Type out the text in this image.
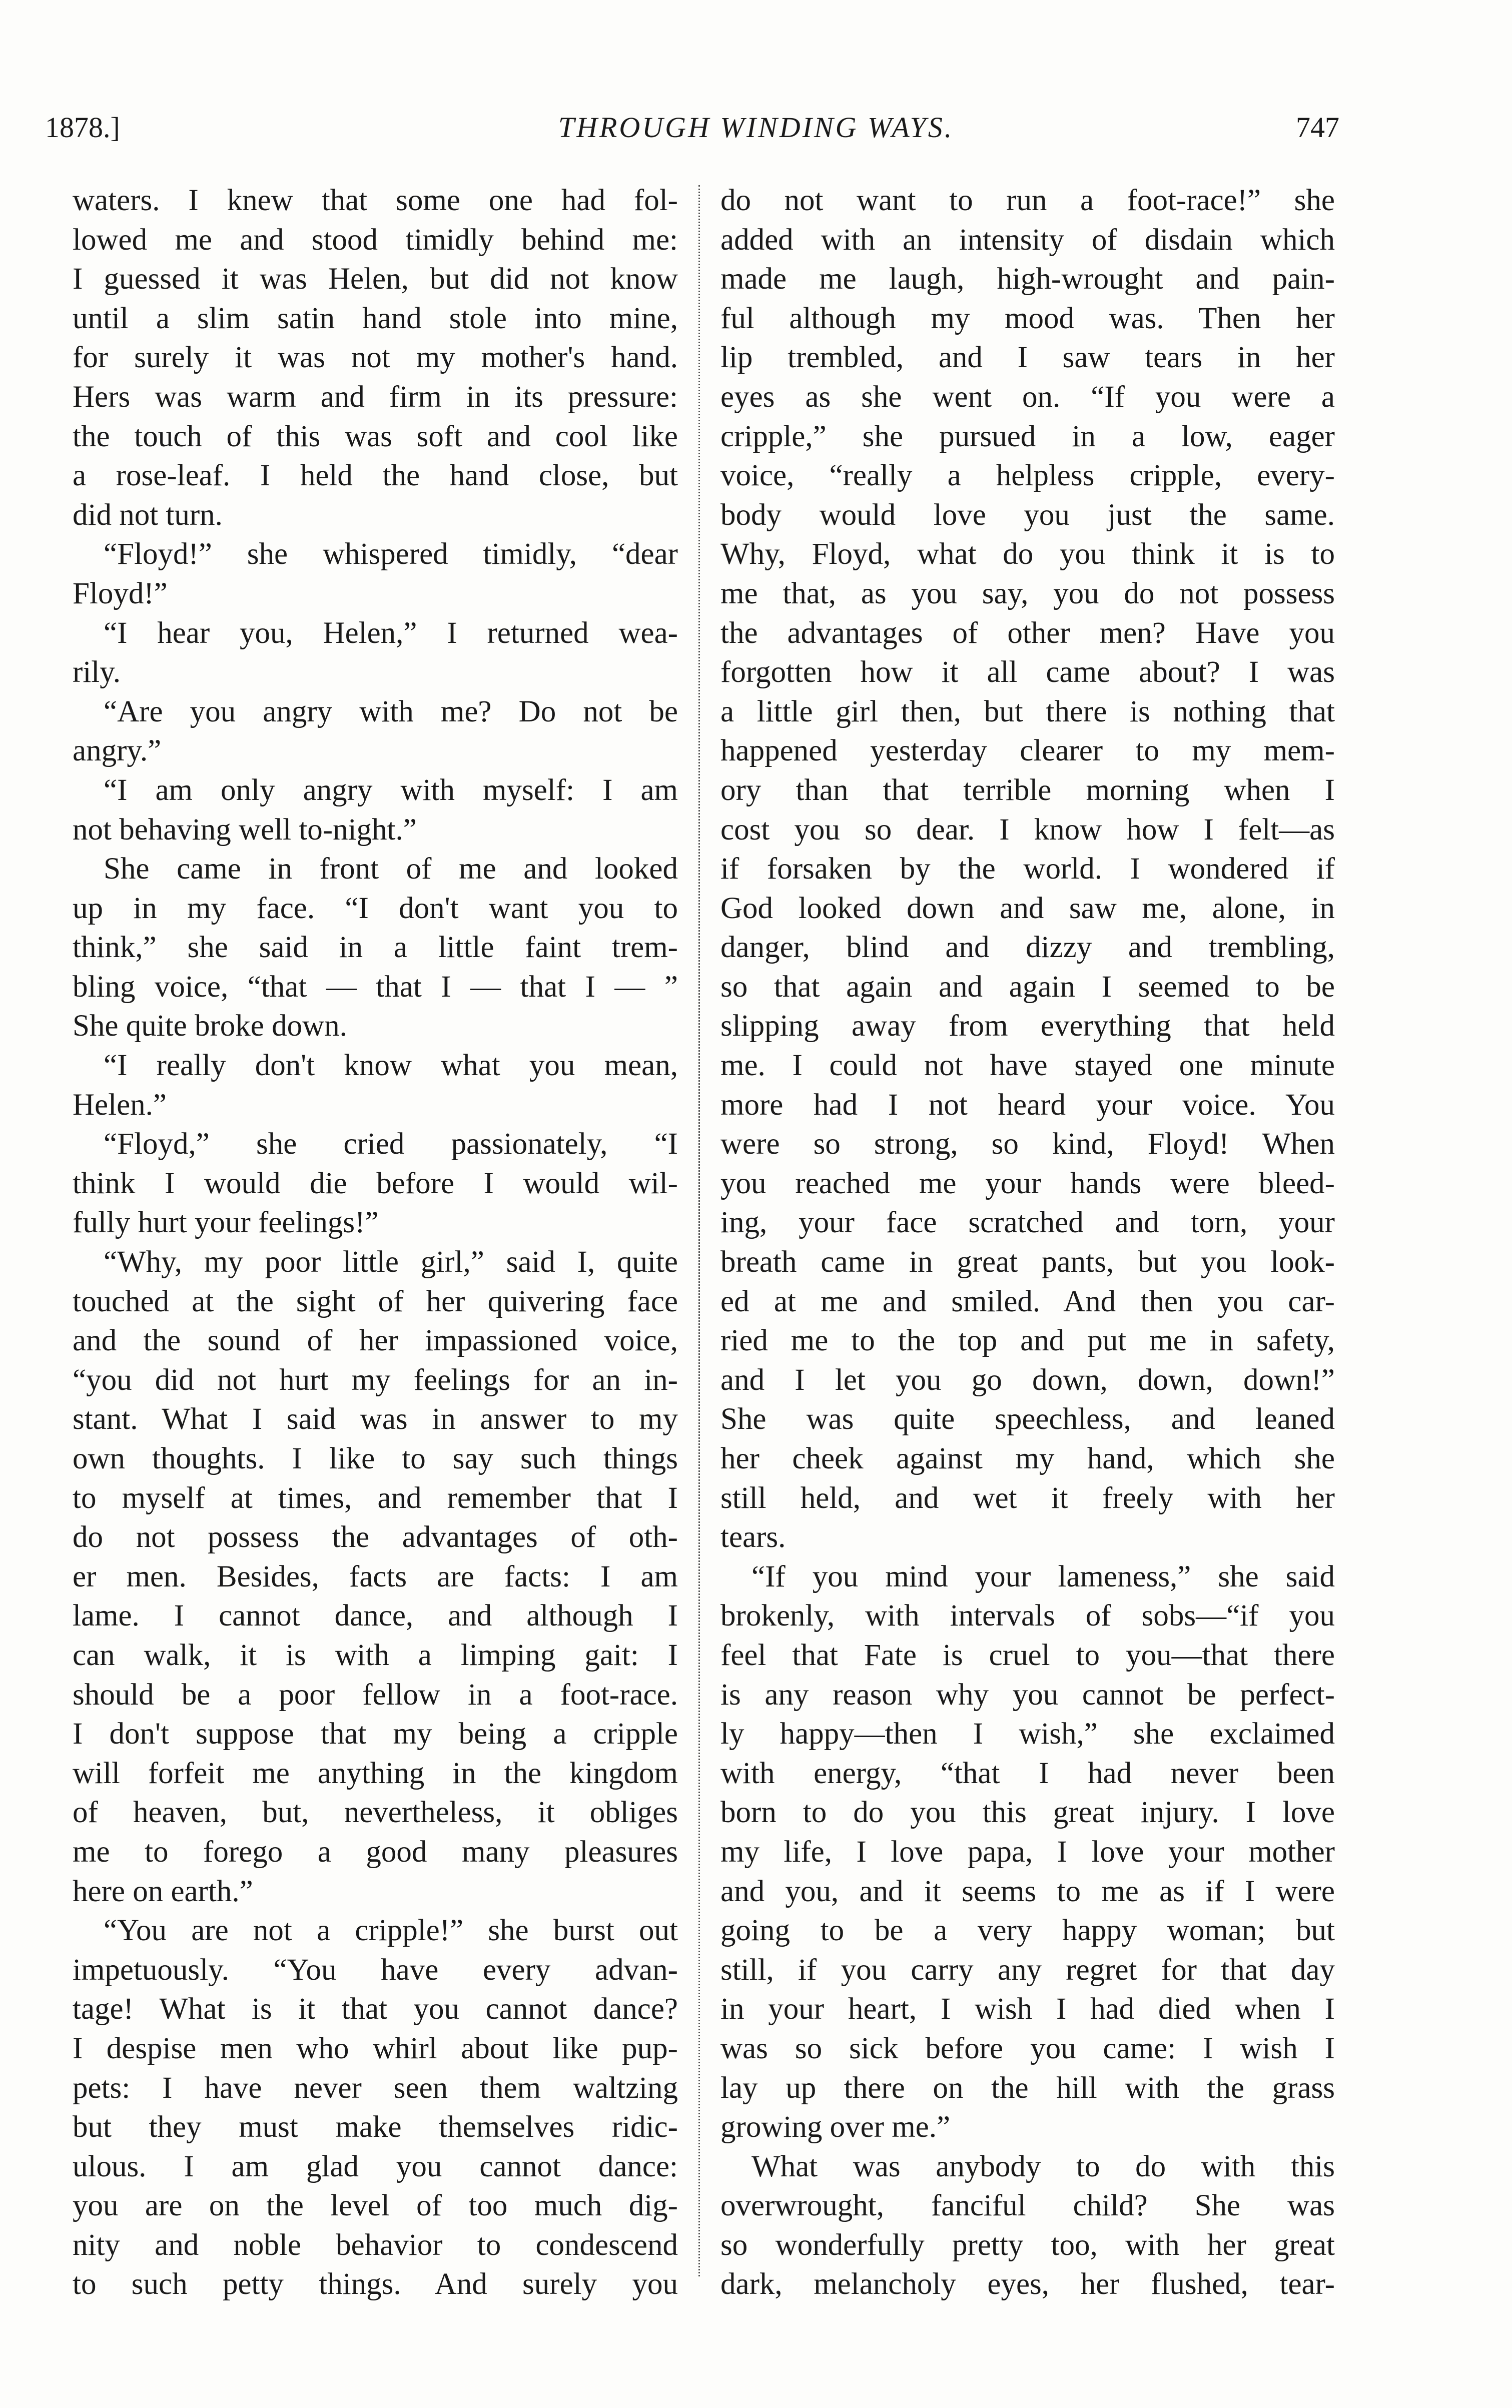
1878.]	THROUGH WINDING WAYS.	747
waters. I knew that some one had fol-
lowed me and stood timidly behind me:
I guessed it was Helen, but did not know
until a slim satin hand stole into mine,
for surely it was not my mother's hand.
Hers was warm and firm in its pressure:
the touch of this was soft and cool like
a rose-leaf. I held the hand close, but
did not turn.
“Floyd!” she whispered timidly, “dear
Floyd!”
“I hear you, Helen,” I returned wea-
rily.
“Are you angry with me? Do not be
angry.”
“I am only angry with myself: I am
not behaving well to-night.”
She came in front of me and looked
up in my face. “I don't want you to
think,” she said in a little faint trem-
bling voice, “that — that I — that I — ”
She quite broke down.
“I really don't know what you mean,
Helen.”
“Floyd,” she cried passionately, “I
think I would die before I would wil-
fully hurt your feelings!”
“Why, my poor little girl,” said I, quite
touched at the sight of her quivering face
and the sound of her impassioned voice,
“you did not hurt my feelings for an in-
stant. What I said was in answer to my
own thoughts. I like to say such things
to myself at times, and remember that I
do not possess the advantages of oth-
er men. Besides, facts are facts: I am
lame. I cannot dance, and although I
can walk, it is with a limping gait: I
should be a poor fellow in a foot-race.
I don't suppose that my being a cripple
will forfeit me anything in the kingdom
of heaven, but, nevertheless, it obliges
me to forego a good many pleasures
here on earth.”
“You are not a cripple!” she burst out
impetuously. “You have every advan-
tage! What is it that you cannot dance?
I despise men who whirl about like pup-
pets: I have never seen them waltzing
but they must make themselves ridic-
ulous. I am glad you cannot dance:
you are on the level of too much dig-
nity and noble behavior to condescend
to such petty things. And surely you
do not want to run a foot-race!” she
added with an intensity of disdain which
made me laugh, high-wrought and pain-
ful although my mood was. Then her
lip trembled, and I saw tears in her
eyes as she went on. “If you were a
cripple,” she pursued in a low, eager
voice, “really a helpless cripple, every-
body would love you just the same.
Why, Floyd, what do you think it is to
me that, as you say, you do not possess
the advantages of other men? Have you
forgotten how it all came about? I was
a little girl then, but there is nothing that
happened yesterday clearer to my mem-
ory than that terrible morning when I
cost you so dear. I know how I felt—as
if forsaken by the world. I wondered if
God looked down and saw me, alone, in
danger, blind and dizzy and trembling,
so that again and again I seemed to be
slipping away from everything that held
me. I could not have stayed one minute
more had I not heard your voice. You
were so strong, so kind, Floyd! When
you reached me your hands were bleed-
ing, your face scratched and torn, your
breath came in great pants, but you look-
ed at me and smiled. And then you car-
ried me to the top and put me in safety,
and I let you go down, down, down!”
She was quite speechless, and leaned
her cheek against my hand, which she
still held, and wet it freely with her
tears.
“If you mind your lameness,” she said
brokenly, with intervals of sobs—“if you
feel that Fate is cruel to you—that there
is any reason why you cannot be perfect-
ly happy—then I wish,” she exclaimed
with energy, “that I had never been
born to do you this great injury. I love
my life, I love papa, I love your mother
and you, and it seems to me as if I were
going to be a very happy woman; but
still, if you carry any regret for that day
in your heart, I wish I had died when I
was so sick before you came: I wish I
lay up there on the hill with the grass
growing over me.”
What was anybody to do with this
overwrought, fanciful child? She was
so wonderfully pretty too, with her great
dark, melancholy eyes, her flushed, tear-
